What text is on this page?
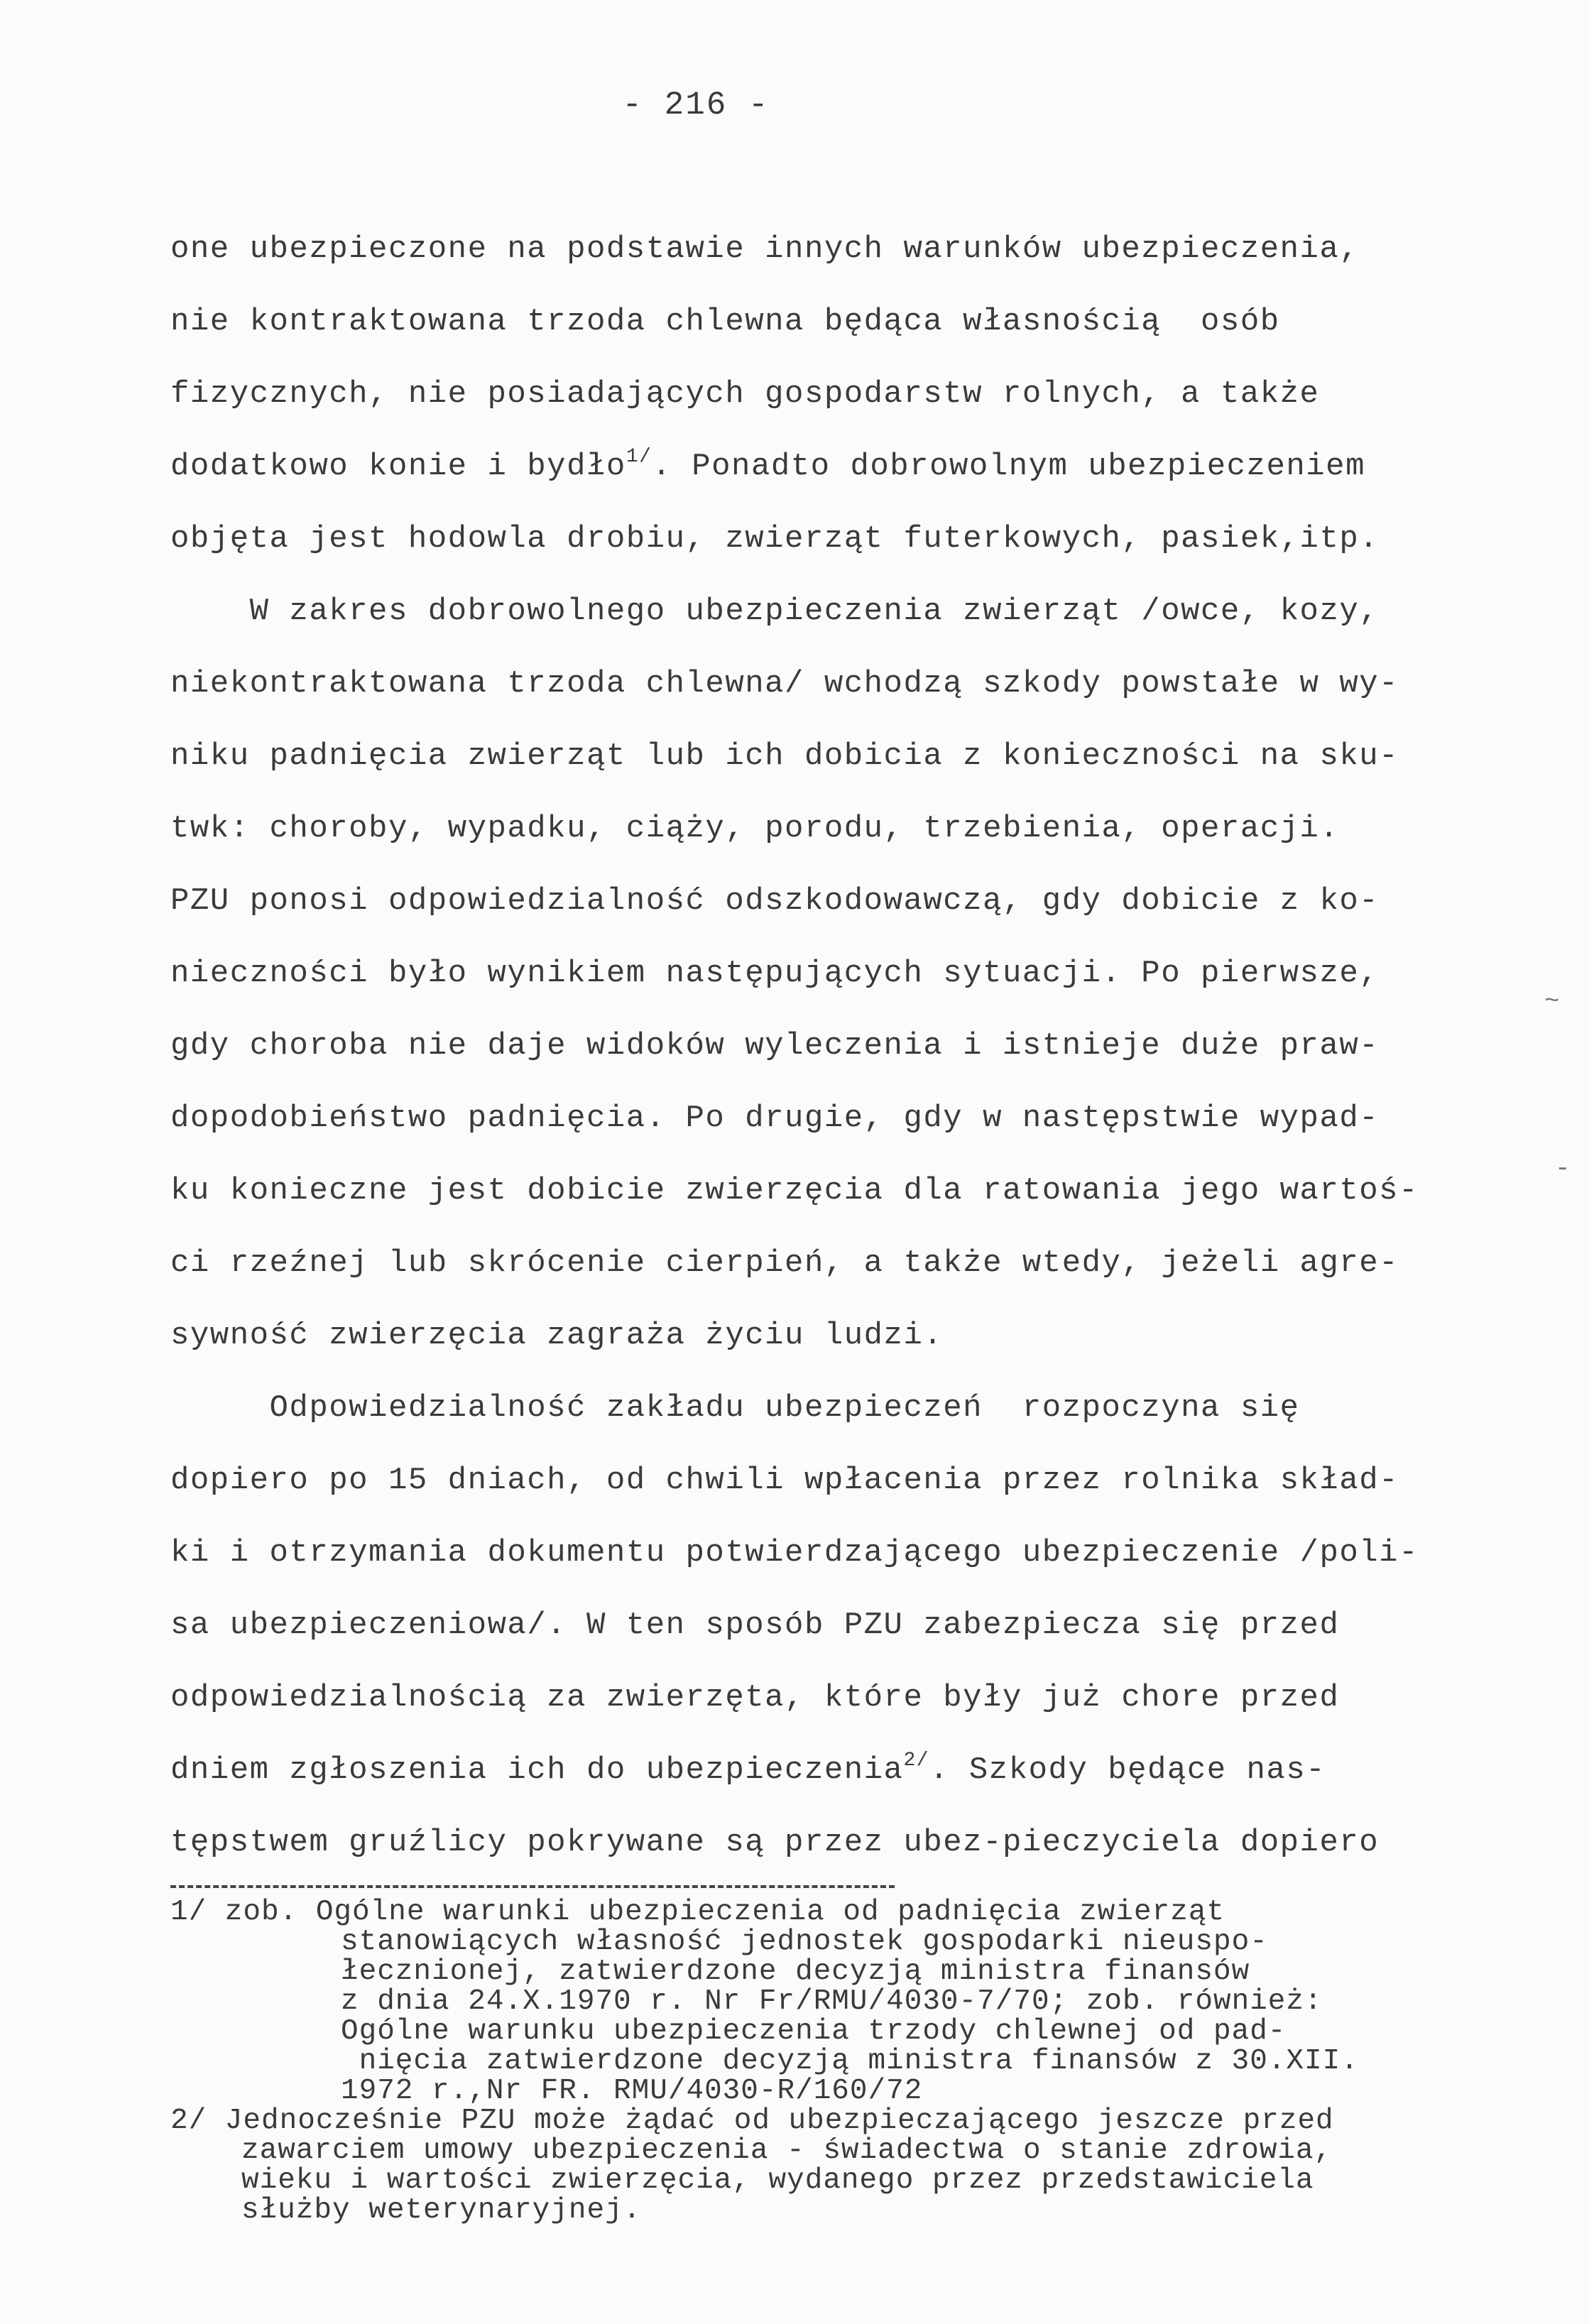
- 216 -
one ubezpieczone na podstawie innych warunków ubezpieczenia,
nie kontraktowana trzoda chlewna będąca własnością  osób
fizycznych, nie posiadających gospodarstw rolnych, a także
dodatkowo konie i bydło$^{1/}$. Ponadto dobrowolnym ubezpieczeniem
objęta jest hodowla drobiu, zwierząt futerkowych, pasiek,itp.
W zakres dobrowolnego ubezpieczenia zwierząt /owce, kozy,
niekontraktowana trzoda chlewna/ wchodzą szkody powstałe w wy-
niku padnięcia zwierząt lub ich dobicia z konieczności na sku-
twk: choroby, wypadku, ciąży, porodu, trzebienia, operacji.
PZU ponosi odpowiedzialność odszkodowawczą, gdy dobicie z ko-
nieczności było wynikiem następujących sytuacji. Po pierwsze,
gdy choroba nie daje widoków wyleczenia i istnieje duże praw-
dopodobieństwo padnięcia. Po drugie, gdy w następstwie wypad-
ku konieczne jest dobicie zwierzęcia dla ratowania jego wartoś-
ci rzeźnej lub skrócenie cierpień, a także wtedy, jeżeli agre-
sywność zwierzęcia zagraża życiu ludzi.
Odpowiedzialność zakładu ubezpieczeń  rozpoczyna się
dopiero po 15 dniach, od chwili wpłacenia przez rolnika skład-
ki i otrzymania dokumentu potwierdzającego ubezpieczenie /poli-
sa ubezpieczeniowa/. W ten sposób PZU zabezpiecza się przed
odpowiedzialnością za zwierzęta, które były już chore przed
dniem zgłoszenia ich do ubezpieczenia$^{2/}$. Szkody będące nas-
tępstwem gruźlicy pokrywane są przez ubez-pieczyciela dopiero
1/ zob. Ogólne warunki ubezpieczenia od padnięcia zwierząt
stanowiących własność jednostek gospodarki nieuspo-
łecznionej, zatwierdzone decyzją ministra finansów
z dnia 24.X.1970 r. Nr Fr/RMU/4030-7/70; zob. również:
Ogólne warunku ubezpieczenia trzody chlewnej od pad-
nięcia zatwierdzone decyzją ministra finansów z 30.XII.
1972 r.,Nr FR. RMU/4030-R/160/72
2/ Jednocześnie PZU może żądać od ubezpieczającego jeszcze przed
zawarciem umowy ubezpieczenia - świadectwa o stanie zdrowia,
wieku i wartości zwierzęcia, wydanego przez przedstawiciela
służby weterynaryjnej.
~
-
